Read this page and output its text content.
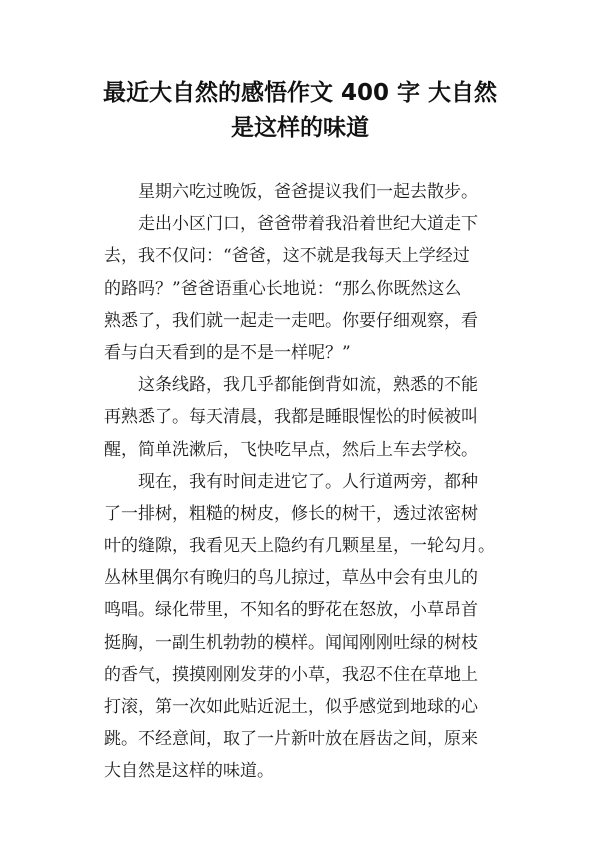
最近大自然的感悟作文 400 字 大自然
是这样的味道

星期六吃过晚饭，爸爸提议我们一起去散步。

走出小区门口，爸爸带着我沿着世纪大道走下

去，我不仅问：“爸爸，这不就是我每天上学经过

的路吗？”爸爸语重心长地说：“那么你既然这么

熟悉了，我们就一起走一走吧。你要仔细观察，看

看与白天看到的是不是一样呢？”

这条线路，我几乎都能倒背如流，熟悉的不能

再熟悉了。每天清晨，我都是睡眼惺忪的时候被叫

醒，简单洗漱后，飞快吃早点，然后上车去学校。

现在，我有时间走进它了。人行道两旁，都种

了一排树，粗糙的树皮，修长的树干，透过浓密树

叶的缝隙，我看见天上隐约有几颗星星，一轮勾月。

丛林里偶尔有晚归的鸟儿掠过，草丛中会有虫儿的

鸣唱。绿化带里，不知名的野花在怒放，小草昂首

挺胸，一副生机勃勃的模样。闻闻刚刚吐绿的树枝

的香气，摸摸刚刚发芽的小草，我忍不住在草地上

打滚，第一次如此贴近泥土，似乎感觉到地球的心

跳。不经意间，取了一片新叶放在唇齿之间，原来

大自然是这样的味道。
